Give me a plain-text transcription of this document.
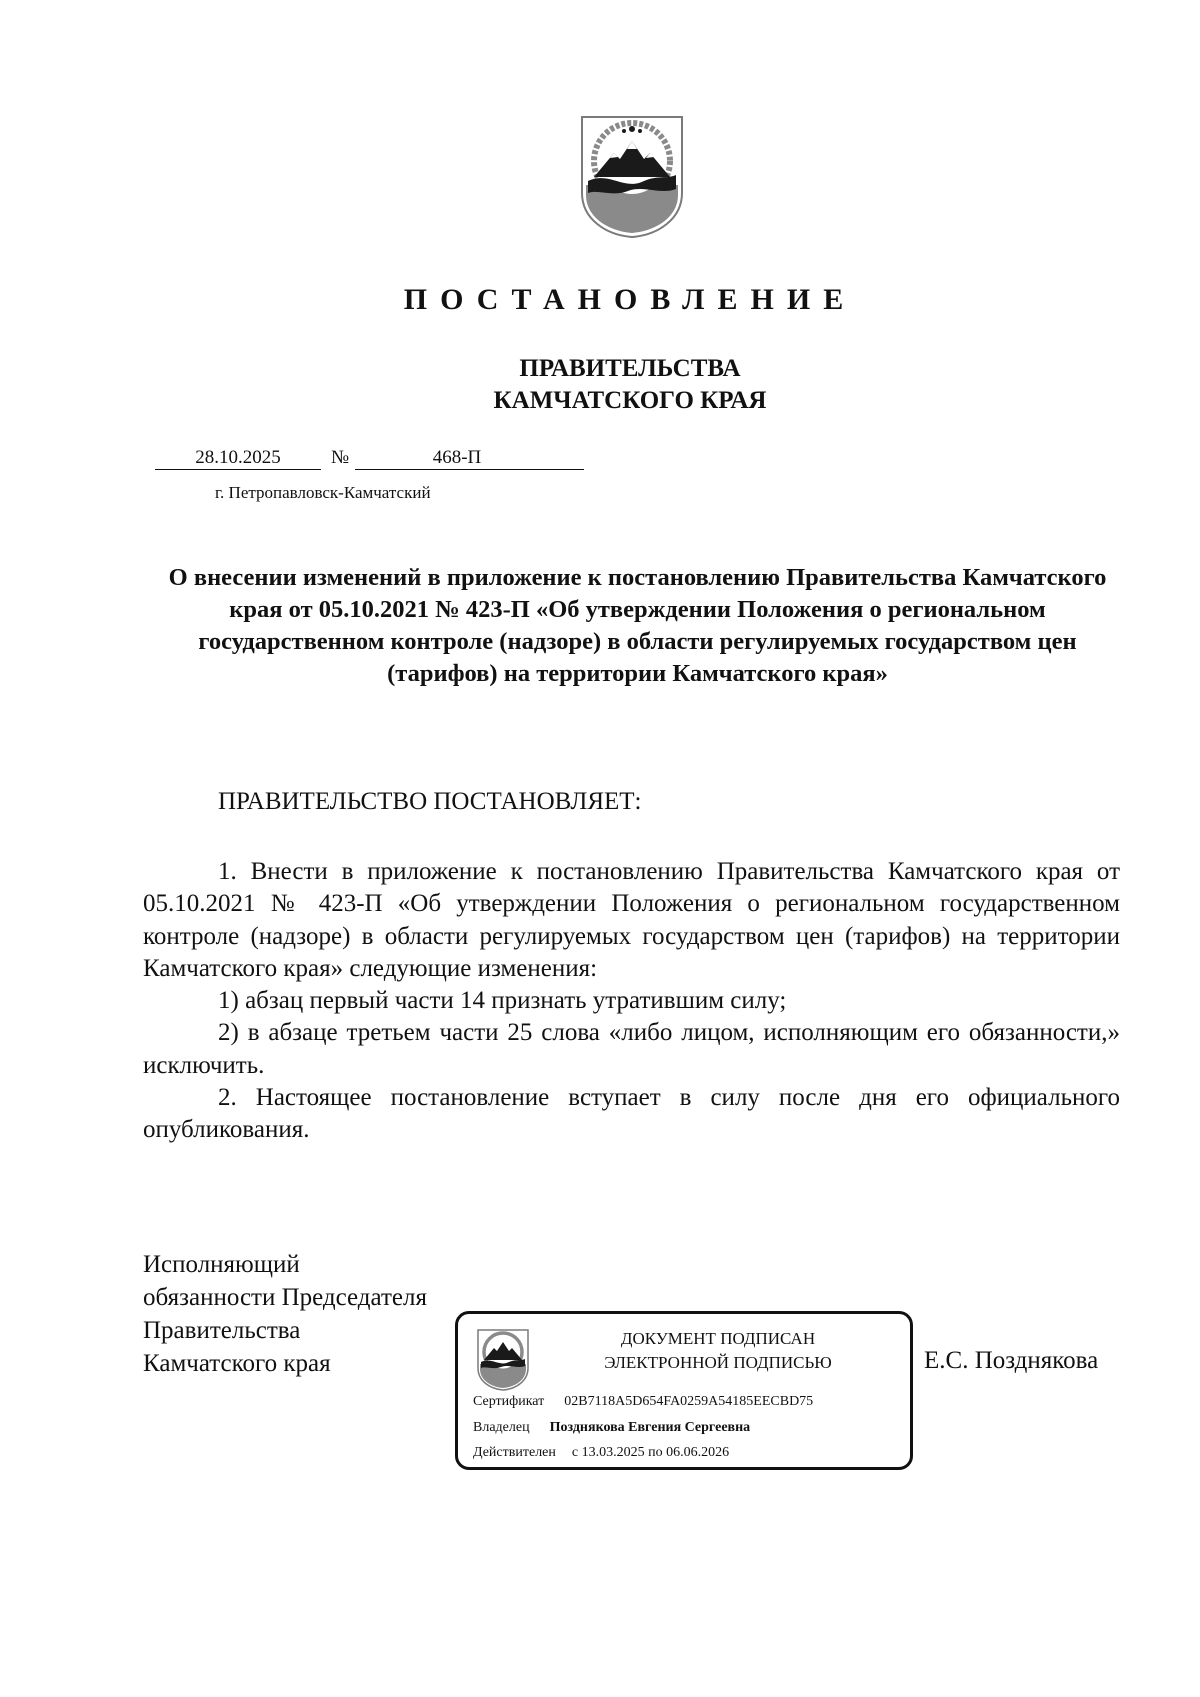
ПОСТАНОВЛЕНИЕ
ПРАВИТЕЛЬСТВА
КАМЧАТСКОГО КРАЯ
28.10.2025	№	468-П
г. Петропавловск-Камчатский
О внесении изменений в приложение к постановлению Правительства Камчатского края от 05.10.2021 № 423-П «Об утверждении Положения о региональном государственном контроле (надзоре) в области регулируемых государством цен (тарифов) на территории Камчатского края»
ПРАВИТЕЛЬСТВО ПОСТАНОВЛЯЕТ:

1. Внести в приложение к постановлению Правительства Камчатского края от 05.10.2021 № 423-П «Об утверждении Положения о региональном государственном контроле (надзоре) в области регулируемых государством цен (тарифов) на территории Камчатского края» следующие изменения:

1) абзац первый части 14 признать утратившим силу;

2) в абзаце третьем части 25 слова «либо лицом, исполняющим его обязанности,» исключить.

2. Настоящее постановление вступает в силу после дня его официального опубликования.

Исполняющий
обязанности Председателя
Правительства
Камчатского края	Е.С. Позднякова
ДОКУМЕНТ ПОДПИСАН
ЭЛЕКТРОННОЙ ПОДПИСЬЮ
Сертификат 02B7118A5D654FA0259A54185EECBD75
Владелец Позднякова Евгения Сергеевна
Действителен с 13.03.2025 по 06.06.2026
